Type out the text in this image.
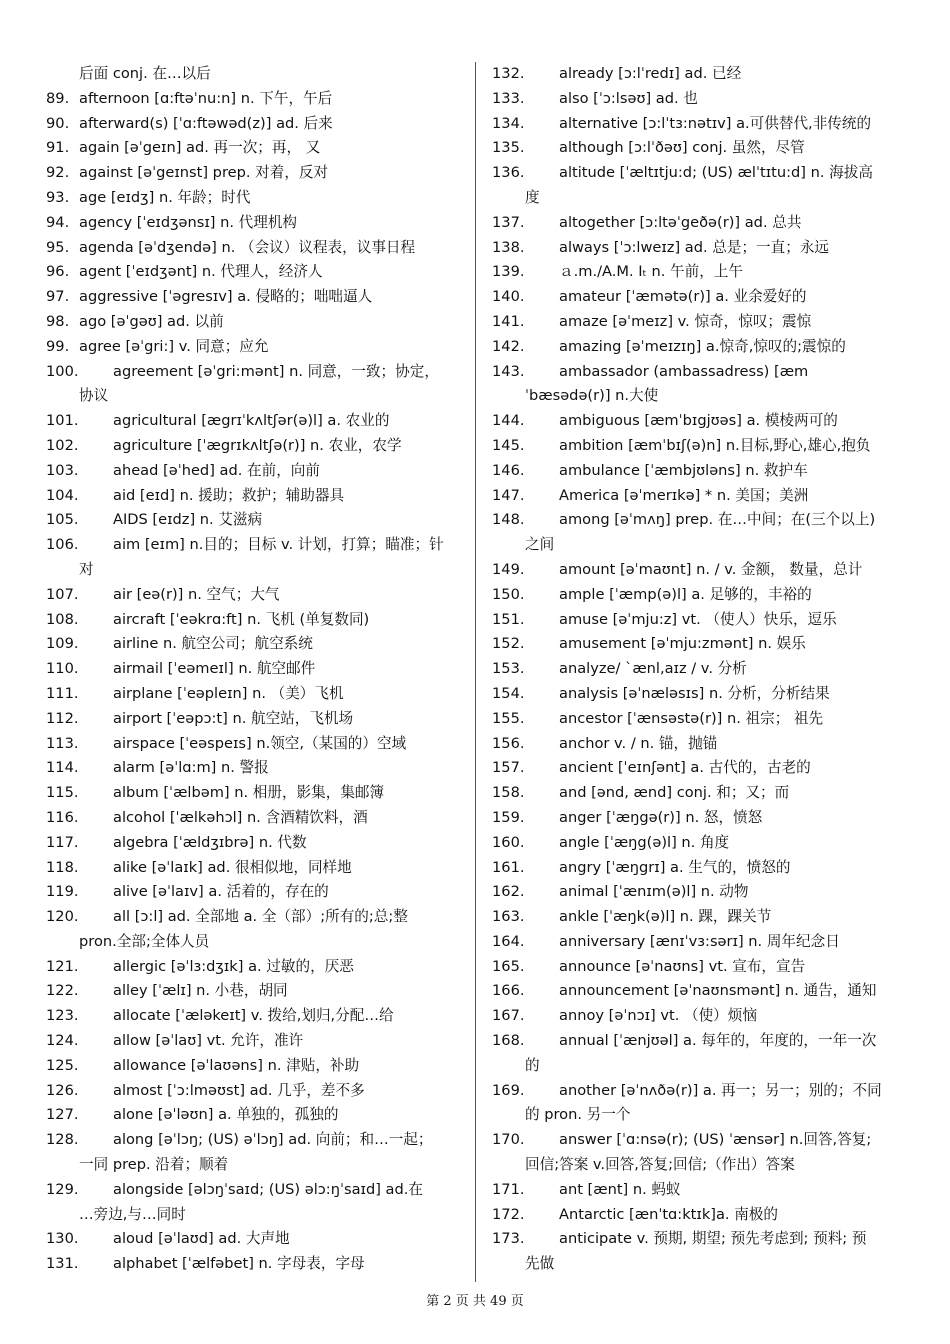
后面 conj. 在…以后
89. afternoon [ɑ:ftəˈnu:n] n. 下午，午后
90. afterward(s) [ˈɑ:ftəwəd(z)] ad. 后来
91. again [əˈgeɪn] ad. 再一次；再， 又
92. against [əˈgeɪnst] prep. 对着，反对
93. age [eɪdʒ] n. 年龄；时代
94. agency [ˈeɪdʒənsɪ] n. 代理机构
95. agenda [əˈdʒendə] n. （会议）议程表，议事日程
96. agent [ˈeɪdʒənt] n. 代理人，经济人
97. aggressive [ˈəgresɪv] a. 侵略的；咄咄逼人
98. ago [əˈgəʊ] ad. 以前
99. agree [əˈgri:] v. 同意；应允
100. agreement [əˈgri:mənt] n. 同意，一致；协定，
协议
101. agricultural [ægrɪˈkʌltʃər(ə)l] a. 农业的
102. agriculture [ˈægrɪkʌltʃə(r)] n. 农业，农学
103. ahead [əˈhed] ad. 在前，向前
104. aid [eɪd] n. 援助；救护；辅助器具
105. AIDS [eɪdz] n. 艾滋病
106. aim [eɪm] n.目的；目标 v. 计划，打算；瞄准；针
对
107. air [eə(r)] n. 空气；大气
108. aircraft [ˈeəkrɑ:ft] n. 飞机 (单复数同)
109. airline n. 航空公司；航空系统
110. airmail [ˈeəmeɪl] n. 航空邮件
111. airplane [ˈeəpleɪn] n. （美）飞机
112. airport [ˈeəpɔ:t] n. 航空站，飞机场
113. airspace [ˈeəspeɪs] n.领空,（某国的）空域
114. alarm [əˈlɑ:m] n. 警报
115. album [ˈælbəm] n. 相册，影集，集邮簿
116. alcohol [ˈælkəhɔl] n. 含酒精饮料，酒
117. algebra [ˈældʒɪbrə] n. 代数
118. alike [əˈlaɪk] ad. 很相似地，同样地
119. alive [əˈlaɪv] a. 活着的，存在的
120. all [ɔ:l] ad. 全部地 a. 全（部）;所有的;总;整
pron.全部;全体人员
121. allergic [əˈlɜ:dʒɪk] a. 过敏的，厌恶
122. alley [ˈælɪ] n. 小巷，胡同
123. allocate [ˈæləkeɪt] v. 拨给,划归,分配…给
124. allow [əˈlaʊ] vt. 允许，准许
125. allowance [əˈlaʊəns] n. 津贴，补助
126. almost [ˈɔ:lməʊst] ad. 几乎，差不多
127. alone [əˈləʊn] a. 单独的，孤独的
128. along [əˈlɔŋ; (US) əˈlɔŋ] ad. 向前；和…一起；
一同 prep. 沿着；顺着
129. alongside [əlɔŋˈsaɪd; (US) əlɔ:ŋˈsaɪd] ad.在
…旁边,与…同时
130. aloud [əˈlaʊd] ad. 大声地
131. alphabet [ˈælfəbet] n. 字母表，字母
132. already [ɔ:lˈredɪ] ad. 已经
133. also [ˈɔ:lsəʊ] ad. 也
134. alternative [ɔ:lˈtɜ:nətɪv] a.可供替代,非传统的
135. although [ɔ:lˈðəʊ] conj. 虽然，尽管
136. altitude [ˈæltɪtju:d; (US) ælˈtɪtu:d] n. 海拔高
度
137. altogether [ɔ:ltəˈgeðə(r)] ad. 总共
138. always [ˈɔ:lweɪz] ad. 总是；一直；永远
139. ａ.m./A.M. Iₜ n. 午前，上午
140. amateur [ˈæmətə(r)] a. 业余爱好的
141. amaze [əˈmeɪz] v. 惊奇，惊叹；震惊
142. amazing [əˈmeɪzɪŋ] a.惊奇,惊叹的;震惊的
143. ambassador (ambassadress) [æm
ˈbæsədə(r)] n.大使
144. ambiguous [æmˈbɪgjʊəs] a. 模棱两可的
145. ambition [æmˈbɪʃ(ə)n] n.目标,野心,雄心,抱负
146. ambulance [ˈæmbjʊləns] n. 救护车
147. America [əˈmerɪkə] * n. 美国；美洲
148. among [əˈmʌŋ] prep. 在…中间；在(三个以上)
之间
149. amount [əˈmaʊnt] n. / v. 金额， 数量，总计
150. ample [ˈæmp(ə)l] a. 足够的，丰裕的
151. amuse [əˈmju:z] vt. （使人）快乐，逗乐
152. amusement [əˈmju:zmənt] n. 娱乐
153. analyze/ `ænl,aɪz / v. 分析
154. analysis [əˈnæləsɪs] n. 分析，分析结果
155. ancestor [ˈænsəstə(r)] n. 祖宗； 祖先
156. anchor v. / n. 锚，抛锚
157. ancient [ˈeɪnʃənt] a. 古代的，古老的
158. and [ənd, ænd] conj. 和；又；而
159. anger [ˈæŋgə(r)] n. 怒，愤怒
160. angle [ˈæŋg(ə)l] n. 角度
161. angry [ˈæŋgrɪ] a. 生气的，愤怒的
162. animal [ˈænɪm(ə)l] n. 动物
163. ankle [ˈæŋk(ə)l] n. 踝，踝关节
164. anniversary [ænɪˈvɜ:sərɪ] n. 周年纪念日
165. announce [əˈnaʊns] vt. 宣布，宣告
166. announcement [əˈnaʊnsmənt] n. 通告，通知
167. annoy [əˈnɔɪ] vt. （使）烦恼
168. annual [ˈænjʊəl] a. 每年的，年度的，一年一次
的
169. another [əˈnʌðə(r)] a. 再一；另一；别的；不同
的 pron. 另一个
170. answer [ˈɑ:nsə(r); (US) ˈænsər] n.回答,答复;
回信;答案 v.回答,答复;回信;（作出）答案
171. ant [ænt] n. 蚂蚁
172. Antarctic [ænˈtɑ:ktɪk]a. 南极的
173. anticipate v. 预期, 期望; 预先考虑到; 预料; 预
先做
第 2 页 共 49 页
